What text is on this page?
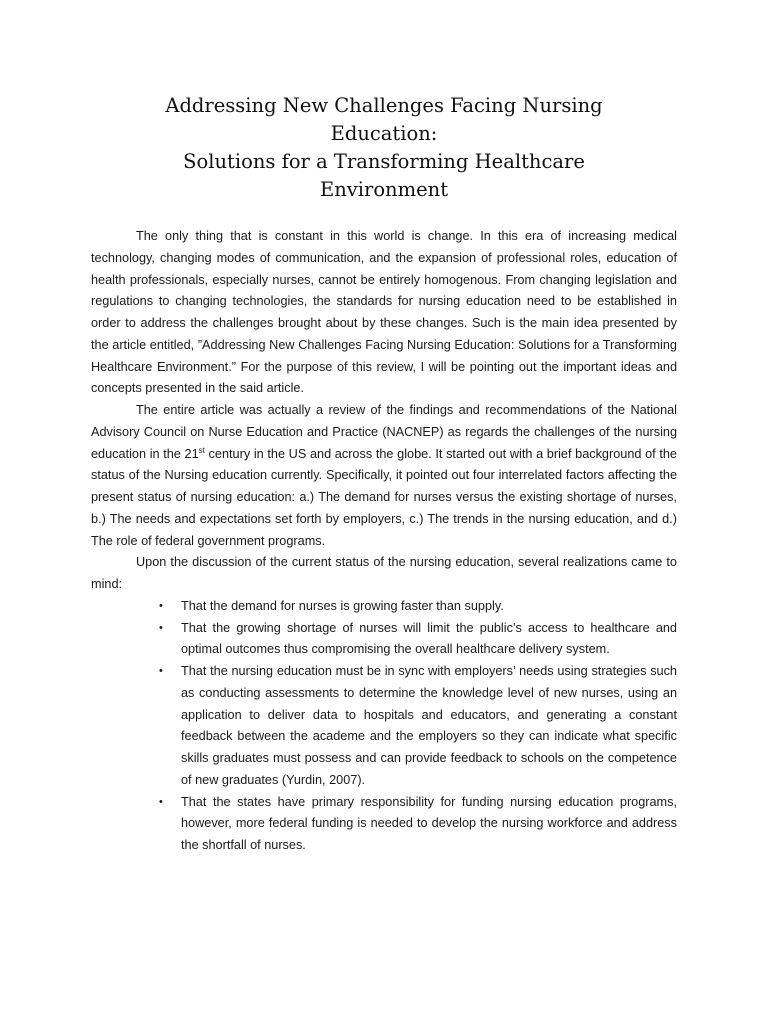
Addressing New Challenges Facing Nursing
Education:
Solutions for a Transforming Healthcare
Environment

The only thing that is constant in this world is change. In this era of increasing medical technology, changing modes of communication, and the expansion of professional roles, education of health professionals, especially nurses, cannot be entirely homogenous. From changing legislation and regulations to changing technologies, the standards for nursing education need to be established in order to address the challenges brought about by these changes. Such is the main idea presented by the article entitled, ”Addressing New Challenges Facing Nursing Education: Solutions for a Transforming Healthcare Environment.” For the purpose of this review, I will be pointing out the important ideas and concepts presented in the said article.

The entire article was actually a review of the findings and recommendations of the National Advisory Council on Nurse Education and Practice (NACNEP) as regards the challenges of the nursing education in the 21st century in the US and across the globe. It started out with a brief background of the status of the Nursing education currently. Specifically, it pointed out four interrelated factors affecting the present status of nursing education: a.) The demand for nurses versus the existing shortage of nurses, b.) The needs and expectations set forth by employers, c.) The trends in the nursing education, and d.) The role of federal government programs.

Upon the discussion of the current status of the nursing education, several realizations came to mind:

• That the demand for nurses is growing faster than supply.
• That the growing shortage of nurses will limit the public’s access to healthcare and optimal outcomes thus compromising the overall healthcare delivery system.
• That the nursing education must be in sync with employers’ needs using strategies such as conducting assessments to determine the knowledge level of new nurses, using an application to deliver data to hospitals and educators, and generating a constant feedback between the academe and the employers so they can indicate what specific skills graduates must possess and can provide feedback to schools on the competence of new graduates (Yurdin, 2007).
• That the states have primary responsibility for funding nursing education programs, however, more federal funding is needed to develop the nursing workforce and address the shortfall of nurses.
